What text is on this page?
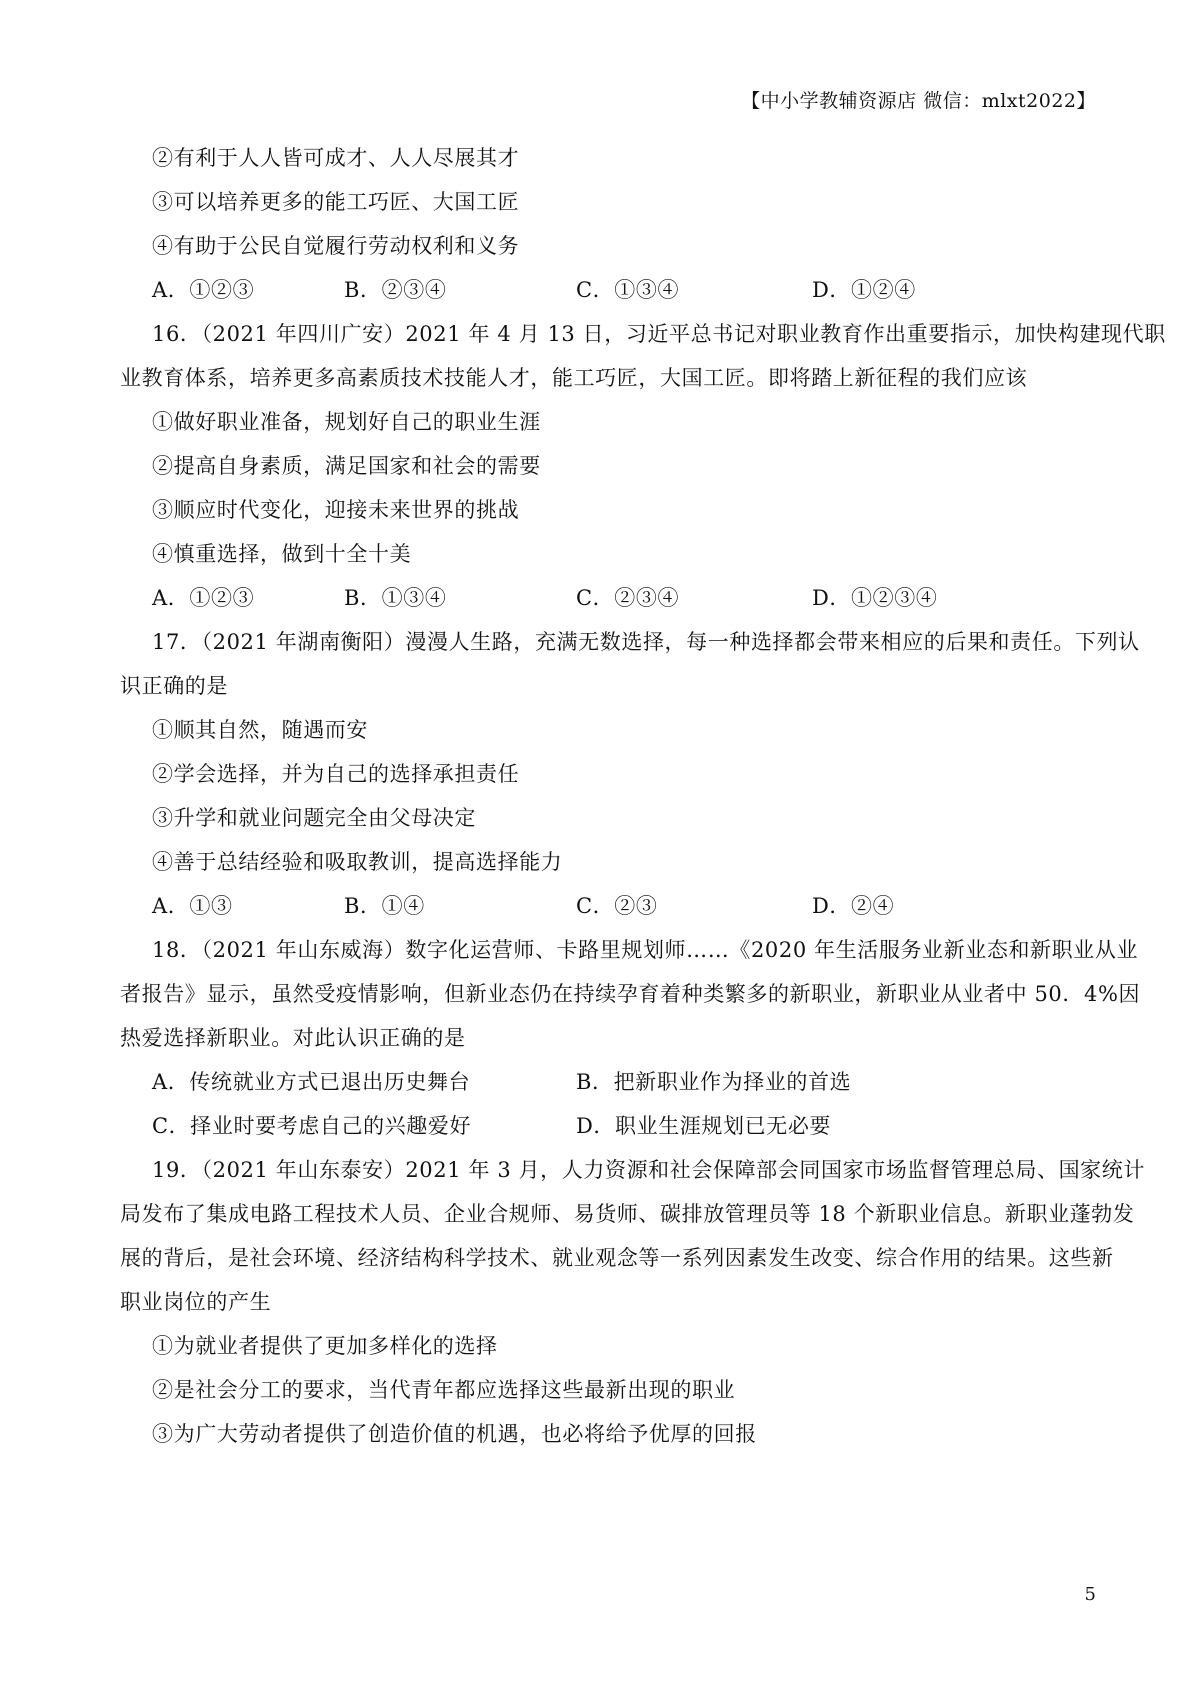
【中小学教辅资源店 微信：mlxt2022】
②有利于人人皆可成才、人人尽展其才
③可以培养更多的能工巧匠、大国工匠
④有助于公民自觉履行劳动权利和义务
A．①②③	B．②③④	C．①③④	D．①②④
16．（2021 年四川广安）2021 年 4 月 13 日，习近平总书记对职业教育作出重要指示，加快构建现代职
业教育体系，培养更多高素质技术技能人才，能工巧匠，大国工匠。即将踏上新征程的我们应该
①做好职业准备，规划好自己的职业生涯
②提高自身素质，满足国家和社会的需要
③顺应时代变化，迎接未来世界的挑战
④慎重选择，做到十全十美
A．①②③	B．①③④	C．②③④	D．①②③④
17．（2021 年湖南衡阳）漫漫人生路，充满无数选择，每一种选择都会带来相应的后果和责任。下列认
识正确的是
①顺其自然，随遇而安
②学会选择，并为自己的选择承担责任
③升学和就业问题完全由父母决定
④善于总结经验和吸取教训，提高选择能力
A．①③	B．①④	C．②③	D．②④
18．（2021 年山东威海）数字化运营师、卡路里规划师……《2020 年生活服务业新业态和新职业从业
者报告》显示，虽然受疫情影响，但新业态仍在持续孕育着种类繁多的新职业，新职业从业者中 50．4%因
热爱选择新职业。对此认识正确的是
A．传统就业方式已退出历史舞台	B．把新职业作为择业的首选
C．择业时要考虑自己的兴趣爱好	D．职业生涯规划已无必要
19．（2021 年山东泰安）2021 年 3 月，人力资源和社会保障部会同国家市场监督管理总局、国家统计
局发布了集成电路工程技术人员、企业合规师、易货师、碳排放管理员等 18 个新职业信息。新职业蓬勃发
展的背后，是社会环境、经济结构科学技术、就业观念等一系列因素发生改变、综合作用的结果。这些新
职业岗位的产生
①为就业者提供了更加多样化的选择
②是社会分工的要求，当代青年都应选择这些最新出现的职业
③为广大劳动者提供了创造价值的机遇，也必将给予优厚的回报
5
